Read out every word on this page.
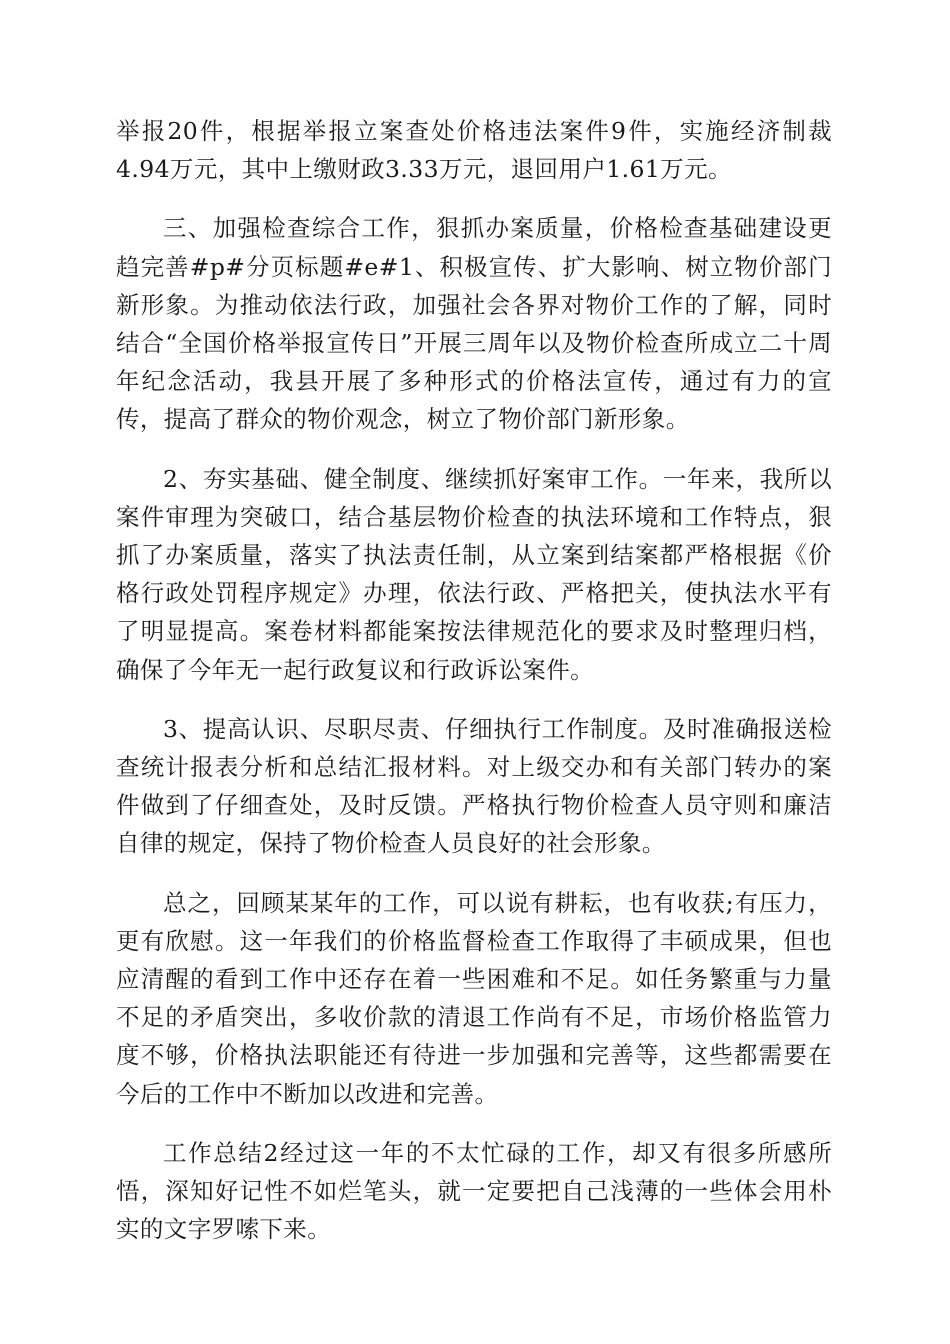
举报20件，根据举报立案查处价格违法案件9件，实施经济制裁4.94万元，其中上缴财政3.33万元，退回用户1.61万元。

三、加强检查综合工作，狠抓办案质量，价格检查基础建设更趋完善#p#分页标题#e#1、积极宣传、扩大影响、树立物价部门新形象。为推动依法行政，加强社会各界对物价工作的了解，同时结合“全国价格举报宣传日”开展三周年以及物价检查所成立二十周年纪念活动，我县开展了多种形式的价格法宣传，通过有力的宣传，提高了群众的物价观念，树立了物价部门新形象。

2、夯实基础、健全制度、继续抓好案审工作。一年来，我所以案件审理为突破口，结合基层物价检查的执法环境和工作特点，狠抓了办案质量，落实了执法责任制，从立案到结案都严格根据《价格行政处罚程序规定》办理，依法行政、严格把关，使执法水平有了明显提高。案卷材料都能案按法律规范化的要求及时整理归档，确保了今年无一起行政复议和行政诉讼案件。

3、提高认识、尽职尽责、仔细执行工作制度。及时准确报送检查统计报表分析和总结汇报材料。对上级交办和有关部门转办的案件做到了仔细查处，及时反馈。严格执行物价检查人员守则和廉洁自律的规定，保持了物价检查人员良好的社会形象。

总之，回顾某某年的工作，可以说有耕耘，也有收获;有压力，更有欣慰。这一年我们的价格监督检查工作取得了丰硕成果，但也应清醒的看到工作中还存在着一些困难和不足。如任务繁重与力量不足的矛盾突出，多收价款的清退工作尚有不足，市场价格监管力度不够，价格执法职能还有待进一步加强和完善等，这些都需要在今后的工作中不断加以改进和完善。

工作总结2经过这一年的不太忙碌的工作，却又有很多所感所悟，深知好记性不如烂笔头，就一定要把自己浅薄的一些体会用朴实的文字罗嗦下来。
